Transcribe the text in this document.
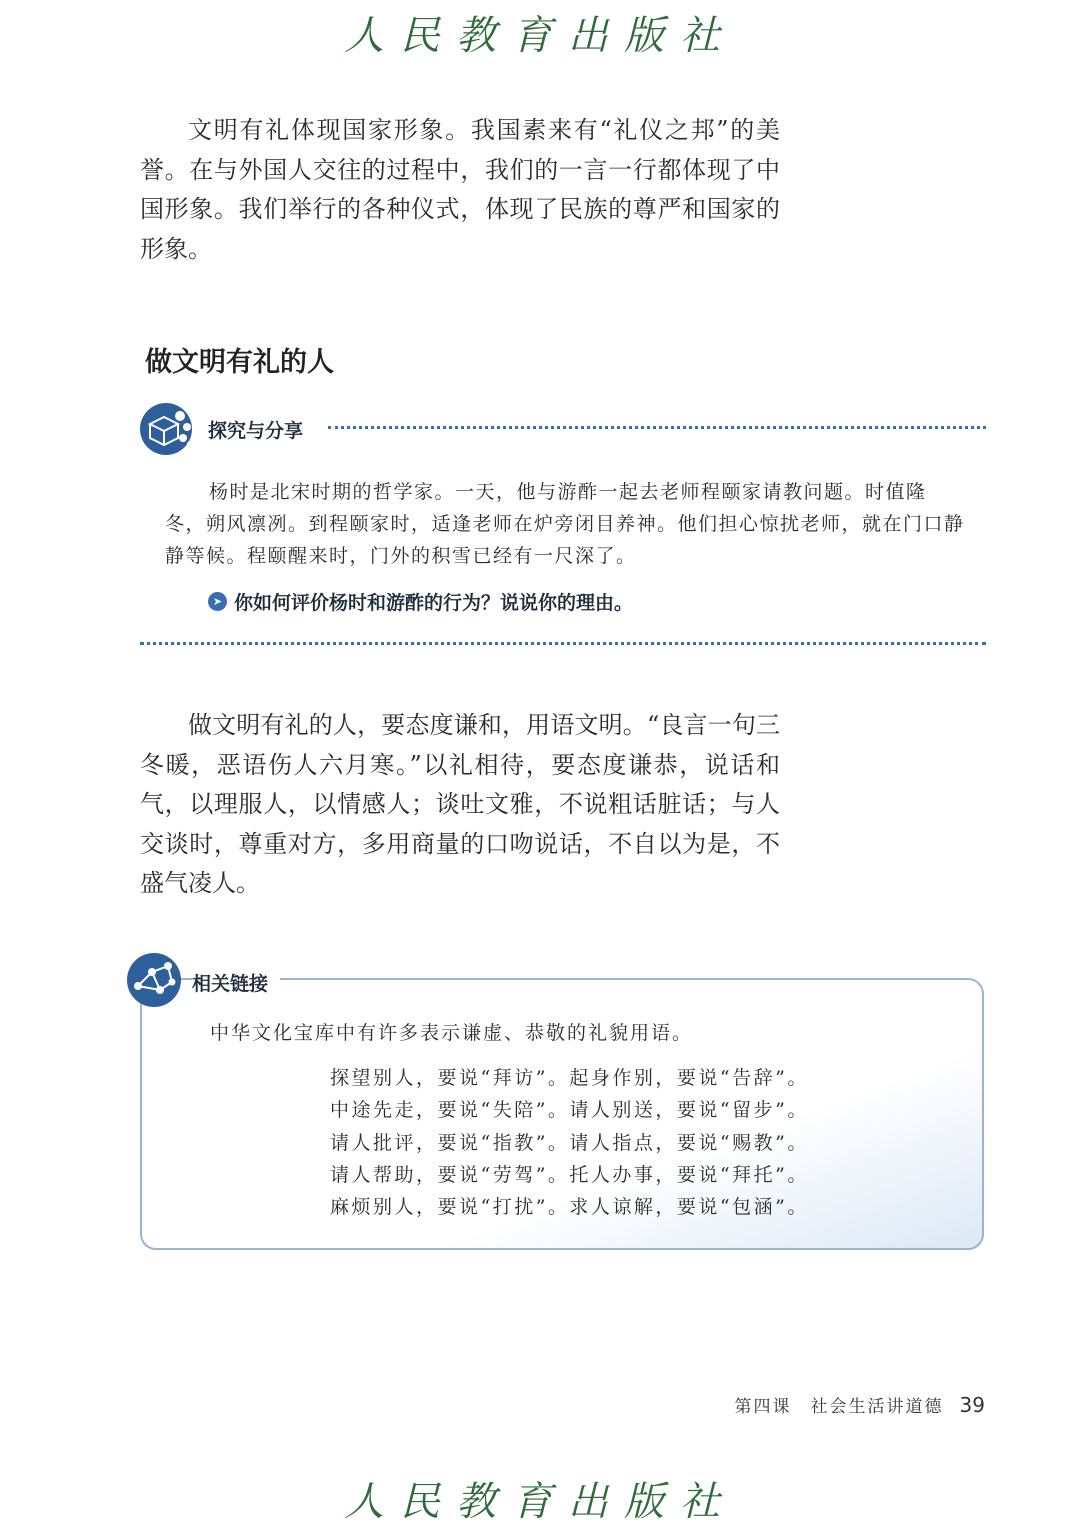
人民教育出版社

文明有礼体现国家形象。我国素来有“礼仪之邦”的美誉。在与外国人交往的过程中，我们的一言一行都体现了中国形象。我们举行的各种仪式，体现了民族的尊严和国家的形象。

做文明有礼的人
探究与分享

杨时是北宋时期的哲学家。一天，他与游酢一起去老师程颐家请教问题。时值隆冬，朔风凛冽。到程颐家时，适逢老师在炉旁闭目养神。他们担心惊扰老师，就在门口静静等候。程颐醒来时，门外的积雪已经有一尺深了。

➤ 你如何评价杨时和游酢的行为？说说你的理由。

做文明有礼的人，要态度谦和，用语文明。“良言一句三冬暖，恶语伤人六月寒。”以礼相待，要态度谦恭，说话和气，以理服人，以情感人；谈吐文雅，不说粗话脏话；与人交谈时，尊重对方，多用商量的口吻说话，不自以为是，不盛气凌人。

相关链接

中华文化宝库中有许多表示谦虚、恭敬的礼貌用语。

探望别人，要说“拜访”。起身作别，要说“告辞”。
中途先走，要说“失陪”。请人别送，要说“留步”。
请人批评，要说“指教”。请人指点，要说“赐教”。
请人帮助，要说“劳驾”。托人办事，要说“拜托”。
麻烦别人，要说“打扰”。求人谅解，要说“包涵”。
第四课　社会生活讲道德 39
人民教育出版社
